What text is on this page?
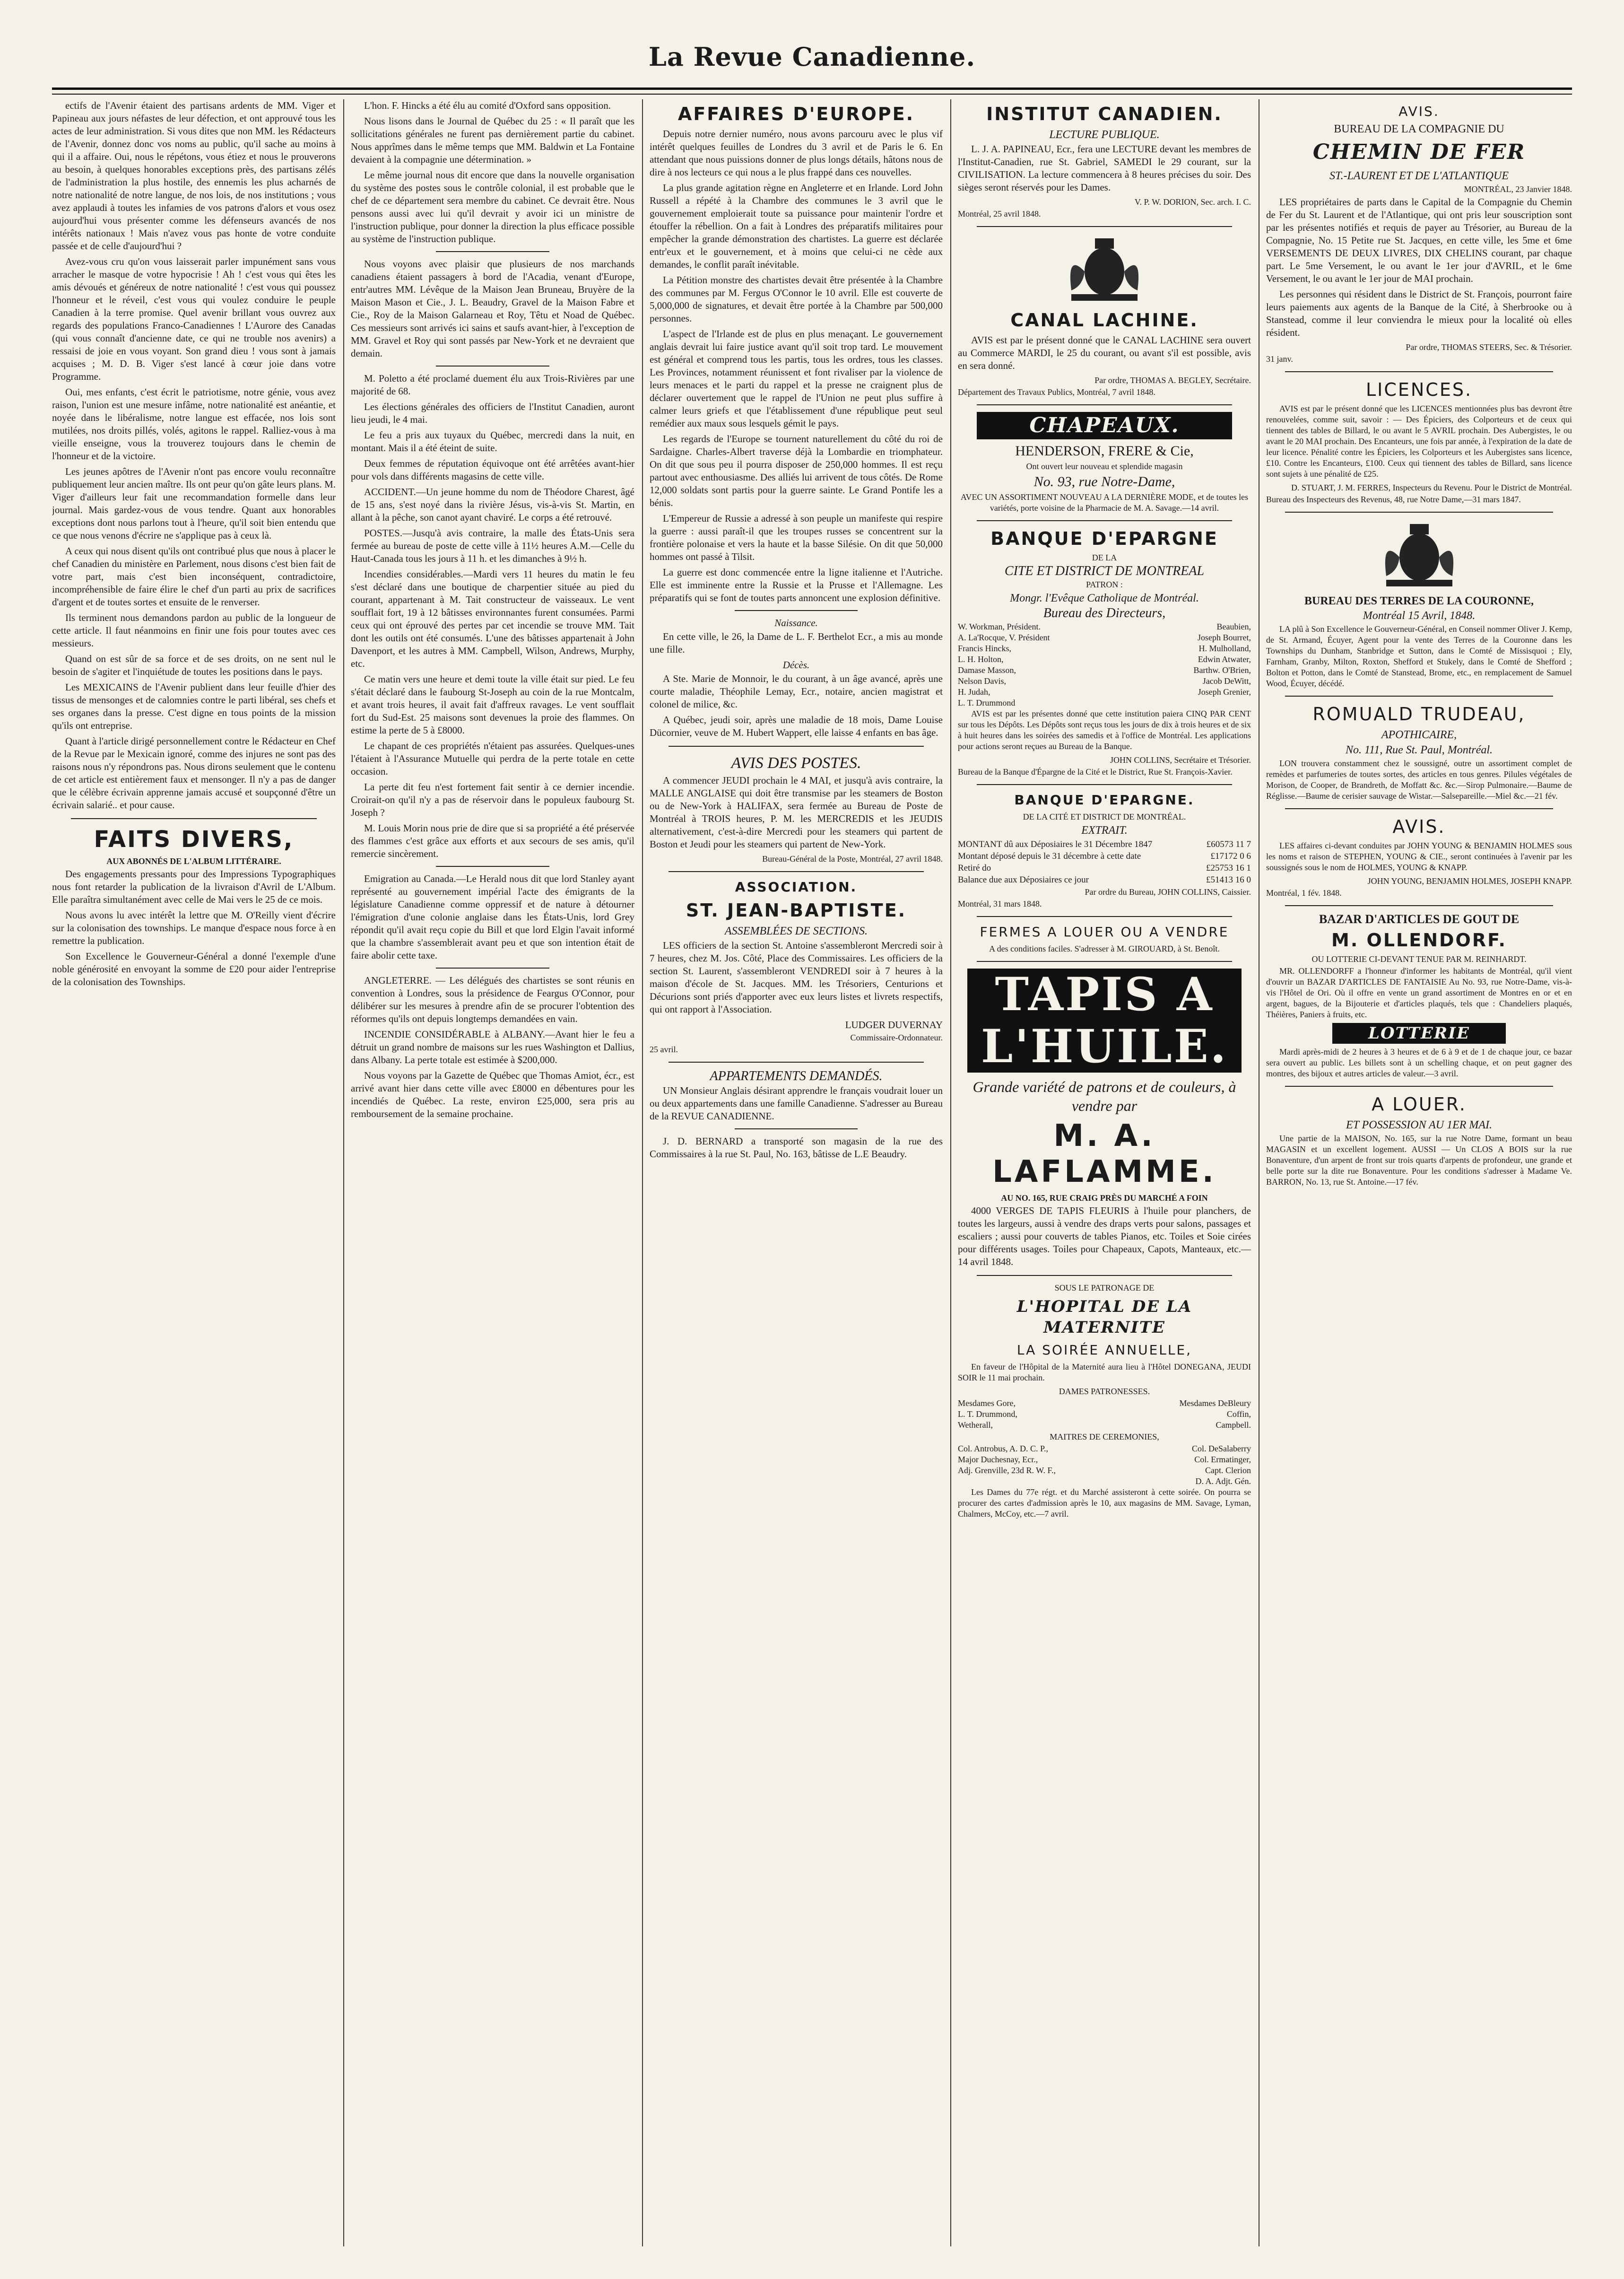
La Revue Canadienne.

ectifs de l'Avenir étaient des partisans ardents de MM. Viger et Papineau aux jours néfastes de leur défection, et ont approuvé tous les actes de leur administration. Si vous dites que non MM. les Rédacteurs de l'Avenir, donnez donc vos noms au public, qu'il sache au moins à qui il a affaire. Oui, nous le répétons, vous étiez et nous le prouverons au besoin, à quelques honorables exceptions près, des partisans zélés de l'administration la plus hostile, des ennemis les plus acharnés de notre nationalité de notre langue, de nos lois, de nos institutions ; vous avez applaudi à toutes les infamies de vos patrons d'alors et vous osez aujourd'hui vous présenter comme les défenseurs avancés de nos intérêts nationaux ! Mais n'avez vous pas honte de votre conduite passée et de celle d'aujourd'hui ?

Avez-vous cru qu'on vous laisserait parler impunément sans vous arracher le masque de votre hypocrisie ! Ah ! c'est vous qui êtes les amis dévoués et généreux de notre nationalité ! c'est vous qui poussez l'honneur et le réveil, c'est vous qui voulez conduire le peuple Canadien à la terre promise. Quel avenir brillant vous ouvrez aux regards des populations Franco-Canadiennes ! L'Aurore des Canadas (qui vous connaît d'ancienne date, ce qui ne trouble nos avenirs) a ressaisi de joie en vous voyant. Son grand dieu ! vous sont à jamais acquises ; M. D. B. Viger s'est lancé à cœur joie dans votre Programme.

Oui, mes enfants, c'est écrit le patriotisme, notre génie, vous avez raison, l'union est une mesure infâme, notre nationalité est anéantie, et noyée dans le libéralisme, notre langue est effacée, nos lois sont mutilées, nos droits pillés, volés, agitons le rappel. Ralliez-vous à ma vieille enseigne, vous la trouverez toujours dans le chemin de l'honneur et de la victoire.

Les jeunes apôtres de l'Avenir n'ont pas encore voulu reconnaître publiquement leur ancien maître. Ils ont peur qu'on gâte leurs plans. M. Viger d'ailleurs leur fait une recommandation formelle dans leur journal. Mais gardez-vous de vous tendre. Quant aux honorables exceptions dont nous parlons tout à l'heure, qu'il soit bien entendu que ce que nous venons d'écrire ne s'applique pas à ceux là.

A ceux qui nous disent qu'ils ont contribué plus que nous à placer le chef Canadien du ministère en Parlement, nous disons c'est bien fait de votre part, mais c'est bien inconséquent, contradictoire, incompréhensible de faire élire le chef d'un parti au prix de sacrifices d'argent et de toutes sortes et ensuite de le renverser.

Ils terminent nous demandons pardon au public de la longueur de cette article. Il faut néanmoins en finir une fois pour toutes avec ces messieurs.

Quand on est sûr de sa force et de ses droits, on ne sent nul le besoin de s'agiter et l'inquiétude de toutes les positions dans le pays.

Les MEXICAINS de l'Avenir publient dans leur feuille d'hier des tissus de mensonges et de calomnies contre le parti libéral, ses chefs et ses organes dans la presse. C'est digne en tous points de la mission qu'ils ont entreprise.

Quant à l'article dirigé personnellement contre le Rédacteur en Chef de la Revue par le Mexicain ignoré, comme des injures ne sont pas des raisons nous n'y répondrons pas. Nous dirons seulement que le contenu de cet article est entièrement faux et mensonger. Il n'y a pas de danger que le célèbre écrivain apprenne jamais accusé et soupçonné d'être un écrivain salarié.. et pour cause.

FAITS DIVERS,
AUX ABONNÉS DE L'ALBUM LITTÉRAIRE.

Des engagements pressants pour des Impressions Typographiques nous font retarder la publication de la livraison d'Avril de L'Album. Elle paraîtra simultanément avec celle de Mai vers le 25 de ce mois.

Nous avons lu avec intérêt la lettre que M. O'Reilly vient d'écrire sur la colonisation des townships. Le manque d'espace nous force à en remettre la publication.

Son Excellence le Gouverneur-Général a donné l'exemple d'une noble générosité en envoyant la somme de £20 pour aider l'entreprise de la colonisation des Townships.

L'hon. F. Hincks a été élu au comité d'Oxford sans opposition.

Nous lisons dans le Journal de Québec du 25 : « Il paraît que les sollicitations générales ne furent pas dernièrement partie du cabinet. Nous apprîmes dans le même temps que MM. Baldwin et La Fontaine devaient à la compagnie une détermination. »

Le même journal nous dit encore que dans la nouvelle organisation du système des postes sous le contrôle colonial, il est probable que le chef de ce département sera membre du cabinet. Ce devrait être. Nous pensons aussi avec lui qu'il devrait y avoir ici un ministre de l'instruction publique, pour donner la direction la plus efficace possible au système de l'instruction publique.

Nous voyons avec plaisir que plusieurs de nos marchands canadiens étaient passagers à bord de l'Acadia, venant d'Europe, entr'autres MM. Lévêque de la Maison Jean Bruneau, Bruyère de la Maison Mason et Cie., J. L. Beaudry, Gravel de la Maison Fabre et Cie., Roy de la Maison Galarneau et Roy, Têtu et Noad de Québec. Ces messieurs sont arrivés ici sains et saufs avant-hier, à l'exception de MM. Gravel et Roy qui sont passés par New-York et ne devraient que demain.

M. Poletto a été proclamé duement élu aux Trois-Rivières par une majorité de 68.

Les élections générales des officiers de l'Institut Canadien, auront lieu jeudi, le 4 mai.

Le feu a pris aux tuyaux du Québec, mercredi dans la nuit, en montant. Mais il a été éteint de suite.

Deux femmes de réputation équivoque ont été arrêtées avant-hier pour vols dans différents magasins de cette ville.

ACCIDENT.—Un jeune homme du nom de Théodore Charest, âgé de 15 ans, s'est noyé dans la rivière Jésus, vis-à-vis St. Martin, en allant à la pêche, son canot ayant chaviré. Le corps a été retrouvé.

POSTES.—Jusqu'à avis contraire, la malle des États-Unis sera fermée au bureau de poste de cette ville à 11½ heures A.M.—Celle du Haut-Canada tous les jours à 11 h. et les dimanches à 9½ h.

Incendies considérables.—Mardi vers 11 heures du matin le feu s'est déclaré dans une boutique de charpentier située au pied du courant, appartenant à M. Tait constructeur de vaisseaux. Le vent soufflait fort, 19 à 12 bâtisses environnantes furent consumées. Parmi ceux qui ont éprouvé des pertes par cet incendie se trouve MM. Tait dont les outils ont été consumés. L'une des bâtisses appartenait à John Davenport, et les autres à MM. Campbell, Wilson, Andrews, Murphy, etc.

Ce matin vers une heure et demi toute la ville était sur pied. Le feu s'était déclaré dans le faubourg St-Joseph au coin de la rue Montcalm, et avant trois heures, il avait fait d'affreux ravages. Le vent soufflait fort du Sud-Est. 25 maisons sont devenues la proie des flammes. On estime la perte de 5 à £8000.

Le chapant de ces propriétés n'étaient pas assurées. Quelques-unes l'étaient à l'Assurance Mutuelle qui perdra de la perte totale en cette occasion.

La perte dit feu n'est fortement fait sentir à ce dernier incendie. Croirait-on qu'il n'y a pas de réservoir dans le populeux faubourg St. Joseph ?

M. Louis Morin nous prie de dire que si sa propriété a été préservée des flammes c'est grâce aux efforts et aux secours de ses amis, qu'il remercie sincèrement.

Emigration au Canada.—Le Herald nous dit que lord Stanley ayant représenté au gouvernement impérial l'acte des émigrants de la législature Canadienne comme oppressif et de nature à détourner l'émigration d'une colonie anglaise dans les États-Unis, lord Grey répondit qu'il avait reçu copie du Bill et que lord Elgin l'avait informé que la chambre s'assemblerait avant peu et que son intention était de faire abolir cette taxe.

ANGLETERRE. — Les délégués des chartistes se sont réunis en convention à Londres, sous la présidence de Feargus O'Connor, pour délibérer sur les mesures à prendre afin de se procurer l'obtention des réformes qu'ils ont depuis longtemps demandées en vain.

INCENDIE CONSIDÉRABLE à ALBANY.—Avant hier le feu a détruit un grand nombre de maisons sur les rues Washington et Dallius, dans Albany. La perte totale est estimée à $200,000.

Nous voyons par la Gazette de Québec que Thomas Amiot, écr., est arrivé avant hier dans cette ville avec £8000 en débentures pour les incendiés de Québec. La reste, environ £25,000, sera pris au remboursement de la semaine prochaine.

AFFAIRES D'EUROPE.

Depuis notre dernier numéro, nous avons parcouru avec le plus vif intérêt quelques feuilles de Londres du 3 avril et de Paris le 6. En attendant que nous puissions donner de plus longs détails, hâtons nous de dire à nos lecteurs ce qui nous a le plus frappé dans ces nouvelles.

La plus grande agitation règne en Angleterre et en Irlande. Lord John Russell a répété à la Chambre des communes le 3 avril que le gouvernement emploierait toute sa puissance pour maintenir l'ordre et étouffer la rébellion. On a fait à Londres des préparatifs militaires pour empêcher la grande démonstration des chartistes. La guerre est déclarée entr'eux et le gouvernement, et à moins que celui-ci ne cède aux demandes, le conflit paraît inévitable.

La Pétition monstre des chartistes devait être présentée à la Chambre des communes par M. Fergus O'Connor le 10 avril. Elle est couverte de 5,000,000 de signatures, et devait être portée à la Chambre par 500,000 personnes.

L'aspect de l'Irlande est de plus en plus menaçant. Le gouvernement anglais devrait lui faire justice avant qu'il soit trop tard. Le mouvement est général et comprend tous les partis, tous les ordres, tous les classes. Les Provinces, notamment réunissent et font rivaliser par la violence de leurs menaces et le parti du rappel et la presse ne craignent plus de déclarer ouvertement que le rappel de l'Union ne peut plus suffire à calmer leurs griefs et que l'établissement d'une république peut seul remédier aux maux sous lesquels gémit le pays.

Les regards de l'Europe se tournent naturellement du côté du roi de Sardaigne. Charles-Albert traverse déjà la Lombardie en triomphateur. On dit que sous peu il pourra disposer de 250,000 hommes. Il est reçu partout avec enthousiasme. Des alliés lui arrivent de tous côtés. De Rome 12,000 soldats sont partis pour la guerre sainte. Le Grand Pontife les a bénis.

L'Empereur de Russie a adressé à son peuple un manifeste qui respire la guerre : aussi paraît-il que les troupes russes se concentrent sur la frontière polonaise et vers la haute et la basse Silésie. On dit que 50,000 hommes ont passé à Tilsit.

La guerre est donc commencée entre la ligne italienne et l'Autriche. Elle est imminente entre la Russie et la Prusse et l'Allemagne. Les préparatifs qui se font de toutes parts annoncent une explosion définitive.

Naissance.

En cette ville, le 26, la Dame de L. F. Berthelot Ecr., a mis au monde une fille.

Décès.

A Ste. Marie de Monnoir, le du courant, à un âge avancé, après une courte maladie, Théophile Lemay, Ecr., notaire, ancien magistrat et colonel de milice, &c.

A Québec, jeudi soir, après une maladie de 18 mois, Dame Louise Dücornier, veuve de M. Hubert Wappert, elle laisse 4 enfants en bas âge.

AVIS DES POSTES.

A commencer JEUDI prochain le 4 MAI, et jusqu'à avis contraire, la MALLE ANGLAISE qui doit être transmise par les steamers de Boston ou de New-York à HALIFAX, sera fermée au Bureau de Poste de Montréal à TROIS heures, P. M. les MERCREDIS et les JEUDIS alternativement, c'est-à-dire Mercredi pour les steamers qui partent de Boston et Jeudi pour les steamers qui partent de New-York.

Bureau-Général de la Poste, Montréal, 27 avril 1848.
ASSOCIATION.
ST. JEAN-BAPTISTE.
ASSEMBLÉES DE SECTIONS.

LES officiers de la section St. Antoine s'assembleront Mercredi soir à 7 heures, chez M. Jos. Côté, Place des Commissaires. Les officiers de la section St. Laurent, s'assembleront VENDREDI soir à 7 heures à la maison d'école de St. Jacques. MM. les Trésoriers, Centurions et Décurions sont priés d'apporter avec eux leurs listes et livrets respectifs, qui ont rapport à l'Association.

LUDGER DUVERNAY
Commissaire-Ordonnateur.
25 avril.
APPARTEMENTS DEMANDÉS.

UN Monsieur Anglais désirant apprendre le français voudrait louer un ou deux appartements dans une famille Canadienne. S'adresser au Bureau de la REVUE CANADIENNE.

J. D. BERNARD a transporté son magasin de la rue des Commissaires à la rue St. Paul, No. 163, bâtisse de L.E Beaudry.

INSTITUT CANADIEN.
LECTURE PUBLIQUE.

L. J. A. PAPINEAU, Ecr., fera une LECTURE devant les membres de l'Institut-Canadien, rue St. Gabriel, SAMEDI le 29 courant, sur la CIVILISATION. La lecture commencera à 8 heures précises du soir. Des sièges seront réservés pour les Dames.

V. P. W. DORION, Sec. arch. I. C.
Montréal, 25 avril 1848.
CANAL LACHINE.

AVIS est par le présent donné que le CANAL LACHINE sera ouvert au Commerce MARDI, le 25 du courant, ou avant s'il est possible, avis en sera donné.

Par ordre, THOMAS A. BEGLEY, Secrétaire.
Département des Travaux Publics, Montréal, 7 avril 1848.
CHAPEAUX.
HENDERSON, FRERE & Cie,
Ont ouvert leur nouveau et splendide magasin
No. 93, rue Notre-Dame,
AVEC UN ASSORTIMENT NOUVEAU A LA DERNIÈRE MODE, et de toutes les variétés, porte voisine de la Pharmacie de M. A. Savage.—14 avril.
BANQUE D'EPARGNE
DE LA
CITE ET DISTRICT DE MONTREAL
PATRON :
Mongr. l'Evêque Catholique de Montréal.
Bureau des Directeurs,
W. Workman, Président.	Beaubien,
A. La'Rocque, V. Président	Joseph Bourret,
Francis Hincks,	H. Mulholland,
L. H. Holton,	Edwin Atwater,
Damase Masson,	Barthw. O'Brien,
Nelson Davis,	Jacob DeWitt,
H. Judah,	Joseph Grenier,
L. T. Drummond

AVIS est par les présentes donné que cette institution paiera CINQ PAR CENT sur tous les Dépôts. Les Dépôts sont reçus tous les jours de dix à trois heures et de six à huit heures dans les soirées des samedis et à l'office de Montréal. Les applications pour actions seront reçues au Bureau de la Banque.

JOHN COLLINS, Secrétaire et Trésorier.
Bureau de la Banque d'Épargne de la Cité et le District, Rue St. François-Xavier.
BANQUE D'EPARGNE.
DE LA CITÉ ET DISTRICT DE MONTRÉAL.
EXTRAIT.
MONTANT dû aux Déposiaires le 31 Décembre 1847	£60573 11 7
Montant déposé depuis le 31 décembre à cette date	£17172 0 6
Retiré do	£25753 16 1
Balance due aux Déposiaires ce jour	£51413 16 0
Par ordre du Bureau, JOHN COLLINS, Caissier.
Montréal, 31 mars 1848.
FERMES A LOUER OU A VENDRE
A des conditions faciles. S'adresser à M. GIROUARD, à St. Benoît.
TAPIS A L'HUILE.
Grande variété de patrons et de couleurs, à vendre par
M. A. LAFLAMME.
AU NO. 165, RUE CRAIG PRÈS DU MARCHÉ A FOIN

4000 VERGES DE TAPIS FLEURIS à l'huile pour planchers, de toutes les largeurs, aussi à vendre des draps verts pour salons, passages et escaliers ; aussi pour couverts de tables Pianos, etc. Toiles et Soie cirées pour différents usages. Toiles pour Chapeaux, Capots, Manteaux, etc.—14 avril 1848.

SOUS LE PATRONAGE DE
L'HOPITAL DE LA MATERNITE
LA SOIRÉE ANNUELLE,

En faveur de l'Hôpital de la Maternité aura lieu à l'Hôtel DONEGANA, JEUDI SOIR le 11 mai prochain.

DAMES PATRONESSES.
Mesdames Gore,	Mesdames DeBleury
L. T. Drummond,	Coffin,
Wetherall,	Campbell.
MAITRES DE CEREMONIES,
Col. Antrobus, A. D. C. P.,	Col. DeSalaberry
Major Duchesnay, Ecr.,	Col. Ermatinger,
Adj. Grenville, 23d R. W. F.,	Capt. Clerion
D. A. Adjt. Gén.

Les Dames du 77e régt. et du Marché assisteront à cette soirée. On pourra se procurer des cartes d'admission après le 10, aux magasins de MM. Savage, Lyman, Chalmers, McCoy, etc.—7 avril.

AVIS.
BUREAU DE LA COMPAGNIE DU
CHEMIN DE FER
ST.-LAURENT ET DE L'ATLANTIQUE
MONTRÉAL, 23 Janvier 1848.

LES propriétaires de parts dans le Capital de la Compagnie du Chemin de Fer du St. Laurent et de l'Atlantique, qui ont pris leur souscription sont par les présentes notifiés et requis de payer au Trésorier, au Bureau de la Compagnie, No. 15 Petite rue St. Jacques, en cette ville, les 5me et 6me VERSEMENTS DE DEUX LIVRES, DIX CHELINS courant, par chaque part. Le 5me Versement, le ou avant le 1er jour d'AVRIL, et le 6me Versement, le ou avant le 1er jour de MAI prochain.

Les personnes qui résident dans le District de St. François, pourront faire leurs paiements aux agents de la Banque de la Cité, à Sherbrooke ou à Stanstead, comme il leur conviendra le mieux pour la localité où elles résident.

Par ordre, THOMAS STEERS, Sec. & Trésorier.
31 janv.
LICENCES.

AVIS est par le présent donné que les LICENCES mentionnées plus bas devront être renouvelées, comme suit, savoir : — Des Épiciers, des Colporteurs et de ceux qui tiennent des tables de Billard, le ou avant le 5 AVRIL prochain. Des Aubergistes, le ou avant le 20 MAI prochain. Des Encanteurs, une fois par année, à l'expiration de la date de leur licence. Pénalité contre les Épiciers, les Colporteurs et les Aubergistes sans licence, £10. Contre les Encanteurs, £100. Ceux qui tiennent des tables de Billard, sans licence sont sujets à une pénalité de £25.

D. STUART, J. M. FERRES, Inspecteurs du Revenu. Pour le District de Montréal.
Bureau des Inspecteurs des Revenus, 48, rue Notre Dame,—31 mars 1847.
BUREAU DES TERRES DE LA COURONNE,
Montréal 15 Avril, 1848.

LA plû à Son Excellence le Gouverneur-Général, en Conseil nommer Oliver J. Kemp, de St. Armand, Écuyer, Agent pour la vente des Terres de la Couronne dans les Townships du Dunham, Stanbridge et Sutton, dans le Comté de Missisquoi ; Ely, Farnham, Granby, Milton, Roxton, Shefford et Stukely, dans le Comté de Shefford ; Bolton et Potton, dans le Comté de Stanstead, Brome, etc., en remplacement de Samuel Wood, Écuyer, décédé.

ROMUALD TRUDEAU,
APOTHICAIRE,
No. 111, Rue St. Paul, Montréal.

LON trouvera constamment chez le soussigné, outre un assortiment complet de remèdes et parfumeries de toutes sortes, des articles en tous genres. Pilules végétales de Morison, de Cooper, de Brandreth, de Moffatt &c. &c.—Sirop Pulmonaire.—Baume de Réglisse.—Baume de cerisier sauvage de Wistar.—Salsepareille.—Miel &c.—21 fév.

AVIS.

LES affaires ci-devant conduites par JOHN YOUNG & BENJAMIN HOLMES sous les noms et raison de STEPHEN, YOUNG & CIE., seront continuées à l'avenir par les soussignés sous le nom de HOLMES, YOUNG & KNAPP.

JOHN YOUNG, BENJAMIN HOLMES, JOSEPH KNAPP.
Montréal, 1 fév. 1848.
BAZAR D'ARTICLES DE GOUT DE
M. OLLENDORF.
OU LOTTERIE CI-DEVANT TENUE PAR M. REINHARDT.

MR. OLLENDORFF a l'honneur d'informer les habitants de Montréal, qu'il vient d'ouvrir un BAZAR D'ARTICLES DE FANTAISIE Au No. 93, rue Notre-Dame, vis-à-vis l'Hôtel de Ori. Où il offre en vente un grand assortiment de Montres en or et en argent, bagues, de la Bijouterie et d'articles plaqués, tels que : Chandeliers plaqués, Théières, Paniers à fruits, etc.

LOTTERIE

Mardi après-midi de 2 heures à 3 heures et de 6 à 9 et de 1 de chaque jour, ce bazar sera ouvert au public. Les billets sont à un schelling chaque, et on peut gagner des montres, des bijoux et autres articles de valeur.—3 avril.

A LOUER.
ET POSSESSION AU 1ER MAI.

Une partie de la MAISON, No. 165, sur la rue Notre Dame, formant un beau MAGASIN et un excellent logement. AUSSI — Un CLOS A BOIS sur la rue Bonaventure, d'un arpent de front sur trois quarts d'arpents de profondeur, une grande et belle porte sur la dite rue Bonaventure. Pour les conditions s'adresser à Madame Ve. BARRON, No. 13, rue St. Antoine.—17 fév.
